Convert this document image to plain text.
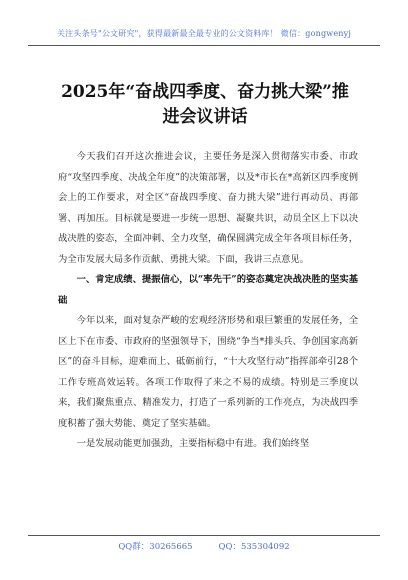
关注头条号"公文研究"，获得最新最全最专业的公文资料库！ 微信：gongwenyj
2025年“奋战四季度、奋力挑大梁”推进会议讲话

今天我们召开这次推进会议，主要任务是深入贯彻落实市委、市政府“攻坚四季度、决战全年度”的决策部署，以及*市长在*高新区四季度例会上的工作要求，对全区“奋战四季度、奋力挑大梁”进行再动员、再部署、再加压。目标就是要进一步统一思想、凝聚共识，动员全区上下以决战决胜的姿态，全面冲刺、全力攻坚，确保圆满完成全年各项目标任务，为全市发展大局多作贡献、勇挑大梁。下面，我讲三点意见。

一、肯定成绩、提振信心，以“率先干”的姿态奠定决战决胜的坚实基础

今年以来，面对复杂严峻的宏观经济形势和艰巨繁重的发展任务，全区上下在市委、市政府的坚强领导下，围绕“争当*排头兵、争创国家高新区”的奋斗目标，迎难而上、砥砺前行，“十大攻坚行动”指挥部牵引28个工作专班高效运转。各项工作取得了来之不易的成绩。特别是三季度以来，我们聚焦重点、精准发力，打造了一系列新的工作亮点，为决战四季度积蓄了强大势能、奠定了坚实基础。

一是发展动能更加强劲，主要指标稳中有进。我们始终坚

QQ群：30265665	QQ：535304092
